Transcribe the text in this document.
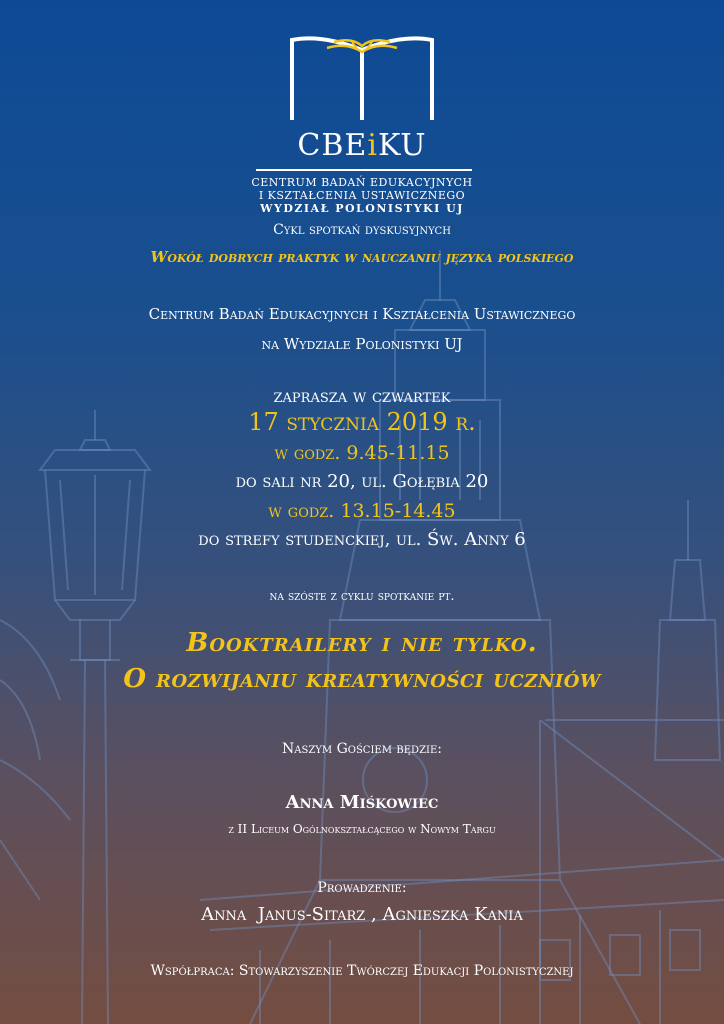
CBEiKU
CENTRUM BADAŃ EDUKACYJNYCH
I KSZTAŁCENIA USTAWICZNEGO
WYDZIAŁ POLONISTYKI UJ
Cykl spotkań dyskusyjnych
Wokół dobrych praktyk w nauczaniu języka polskiego
Centrum Badań Edukacyjnych i Kształcenia Ustawicznego
na Wydziale Polonistyki UJ
zaprasza w czwartek
17 stycznia 2019 r.
w godz. 9.45-11.15
do sali nr 20, ul. Gołębia 20
w godz. 13.15-14.45
do strefy studenckiej, ul. Św. Anny 6
na szóste z cyklu spotkanie pt.
Booktrailery i nie tylko.
O rozwijaniu kreatywności uczniów
Naszym Gościem będzie:
Anna Miśkowiec
z II Liceum Ogólnokształcącego w Nowym Targu
Prowadzenie:
Anna  Janus-Sitarz , Agnieszka Kania
Współpraca: Stowarzyszenie Twórczej Edukacji Polonistycznej
